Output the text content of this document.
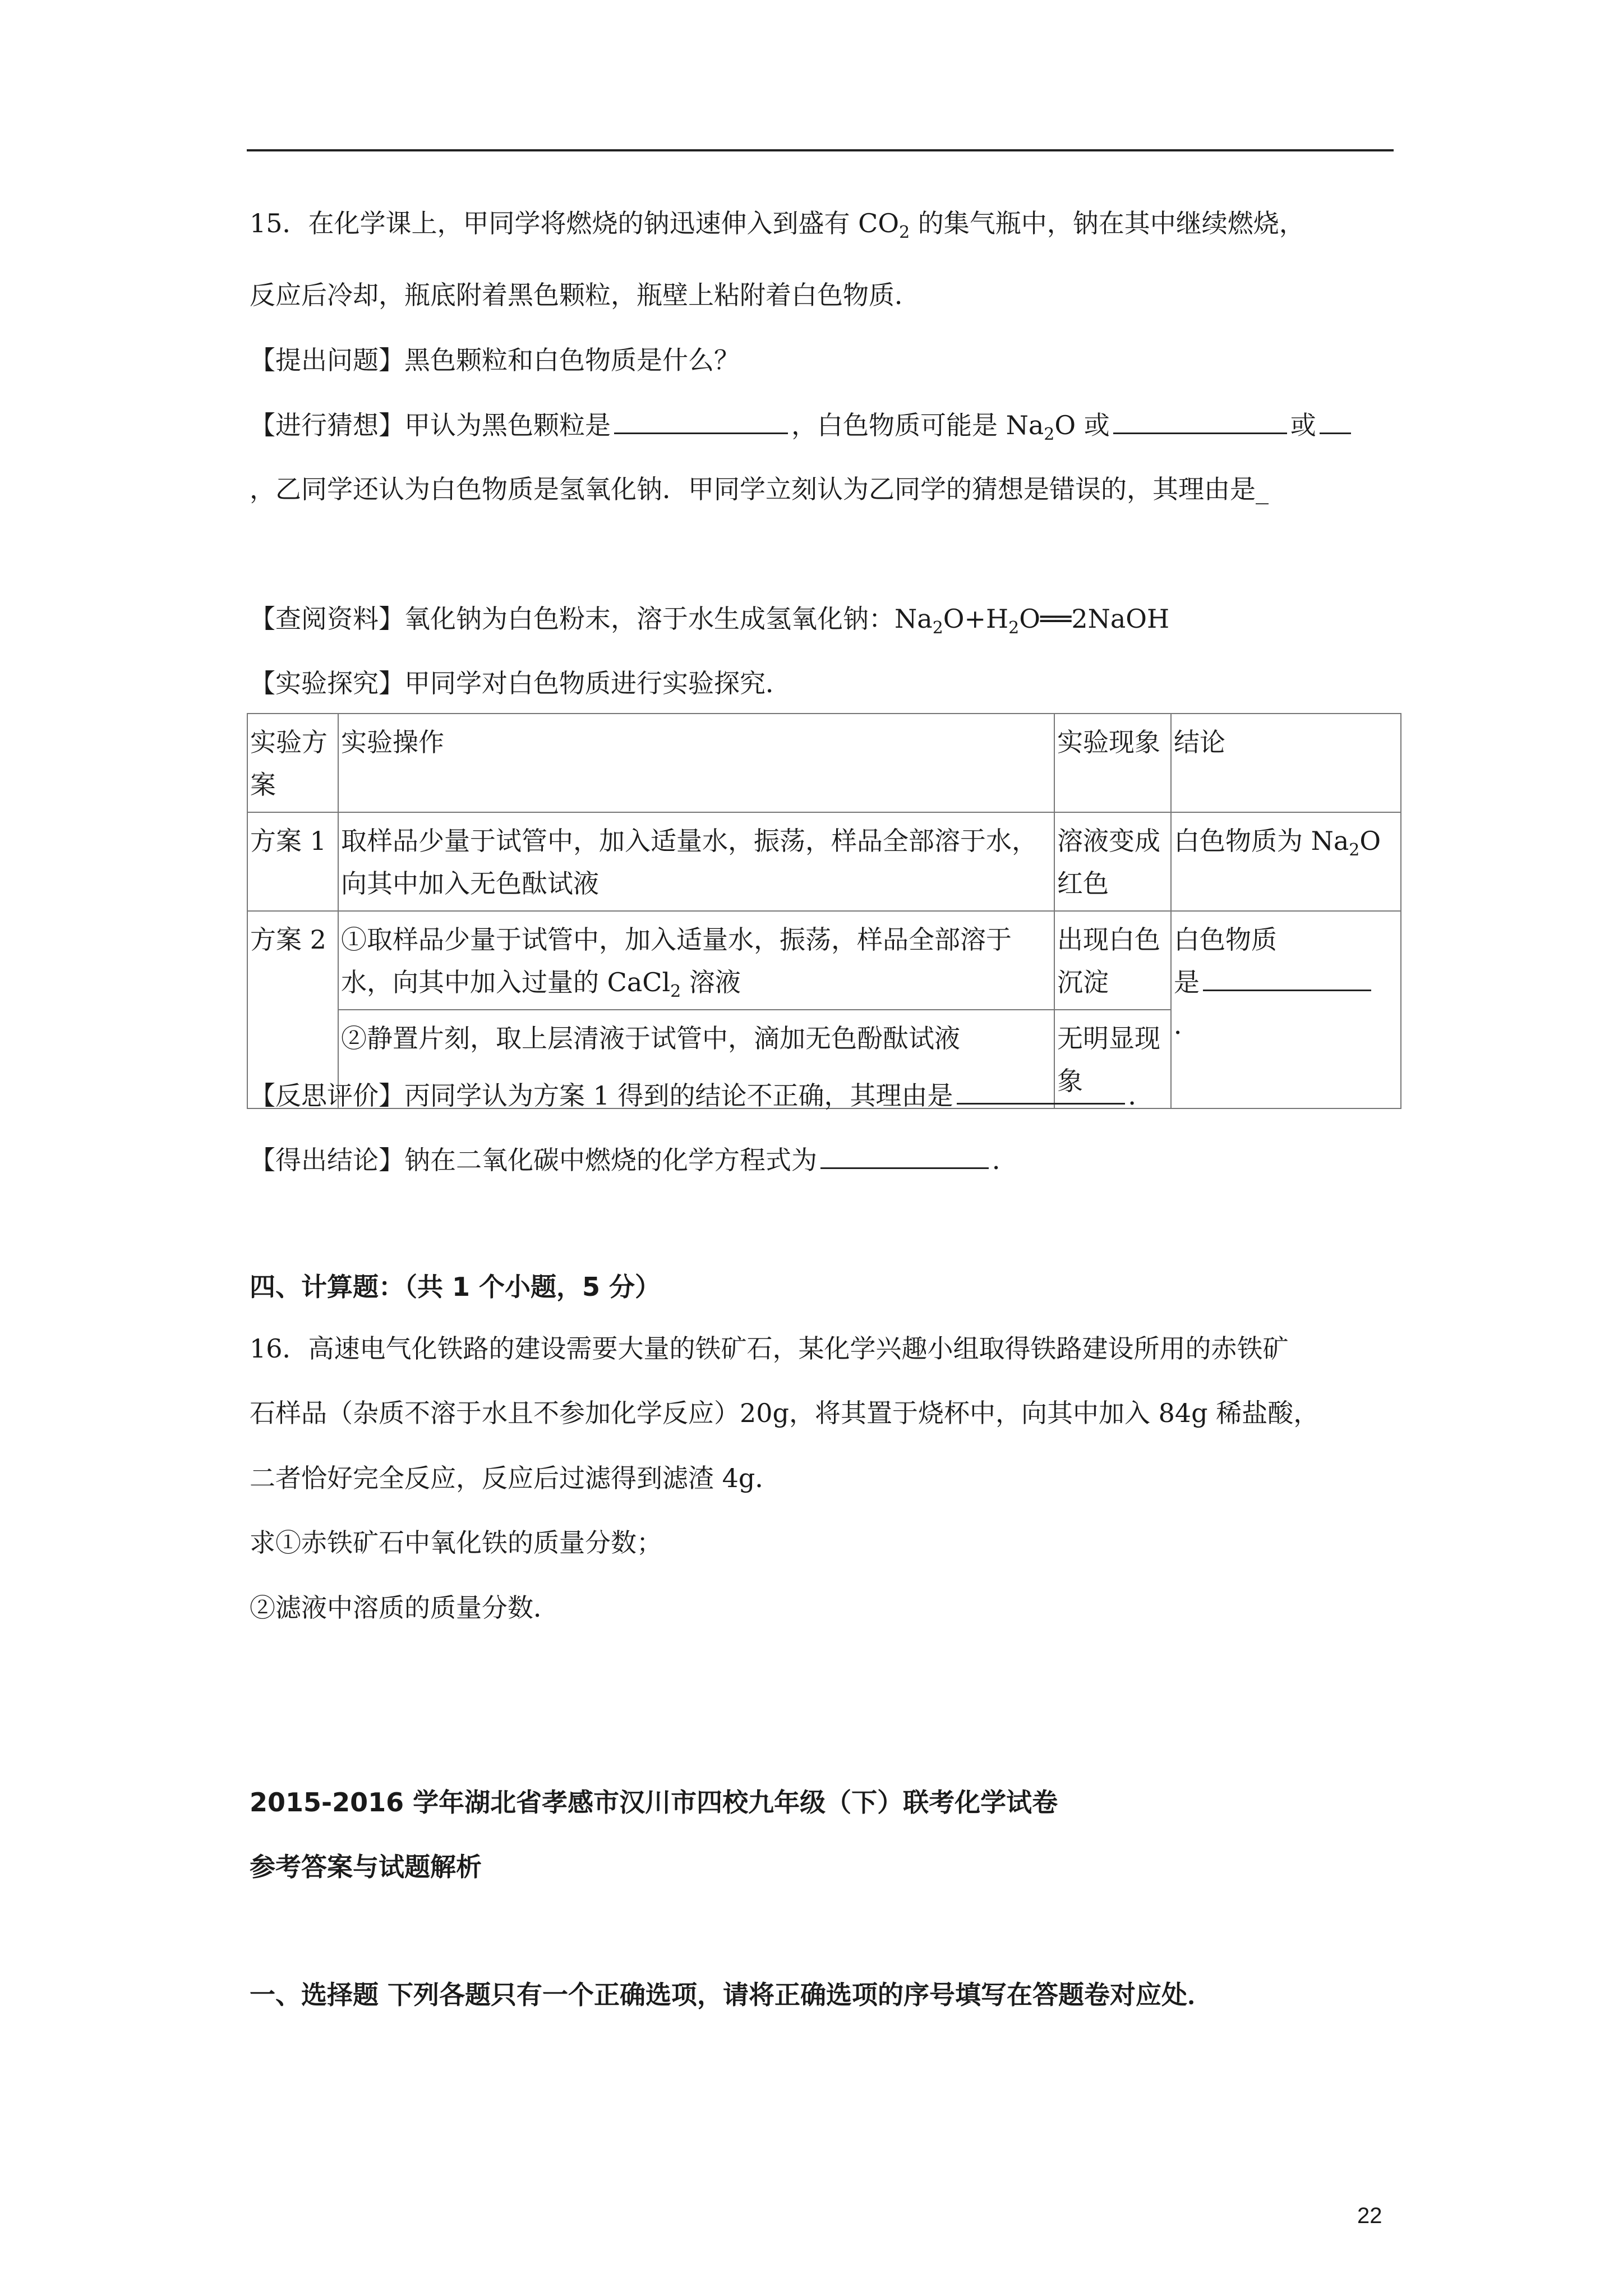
15．在化学课上，甲同学将燃烧的钠迅速伸入到盛有 $CO_2$ 的集气瓶中，钠在其中继续燃烧，
反应后冷却，瓶底附着黑色颗粒，瓶壁上粘附着白色物质．
【提出问题】黑色颗粒和白色物质是什么？
【进行猜想】甲认为黑色颗粒是	，白色物质可能是 $Na_2O$ 或	或
，乙同学还认为白色物质是氢氧化钠．甲同学立刻认为乙同学的猜想是错误的，其理由是_
【查阅资料】氧化钠为白色粉末，溶于水生成氢氧化钠：$Na_2O+H_2O══2NaOH$
【实验探究】甲同学对白色物质进行实验探究．
实验方案	实验操作	实验现象	结论
方案 1	取样品少量于试管中，加入适量水，振荡，样品全部溶于水，向其中加入无色酞试液	溶液变成红色	白色物质为 $Na_2O$
方案 2	①取样品少量于试管中，加入适量水，振荡，样品全部溶于水，向其中加入过量的 CaCl$_2$ 溶液	出现白色沉淀	白色物质
是．

	②静置片刻，取上层清液于试管中，滴加无色酚酞试液	无明显现象	
【反思评价】丙同学认为方案 1 得到的结论不正确，其理由是	．
【得出结论】钠在二氧化碳中燃烧的化学方程式为	．
四、计算题：（共 1 个小题，5 分）
16．高速电气化铁路的建设需要大量的铁矿石，某化学兴趣小组取得铁路建设所用的赤铁矿
石样品（杂质不溶于水且不参加化学反应）20g，将其置于烧杯中，向其中加入 84g 稀盐酸，
二者恰好完全反应，反应后过滤得到滤渣 4g．
求①赤铁矿石中氧化铁的质量分数；
②滤液中溶质的质量分数．
2015-2016 学年湖北省孝感市汉川市四校九年级（下）联考化学试卷
参考答案与试题解析
一、选择题 下列各题只有一个正确选项，请将正确选项的序号填写在答题卷对应处．
22
